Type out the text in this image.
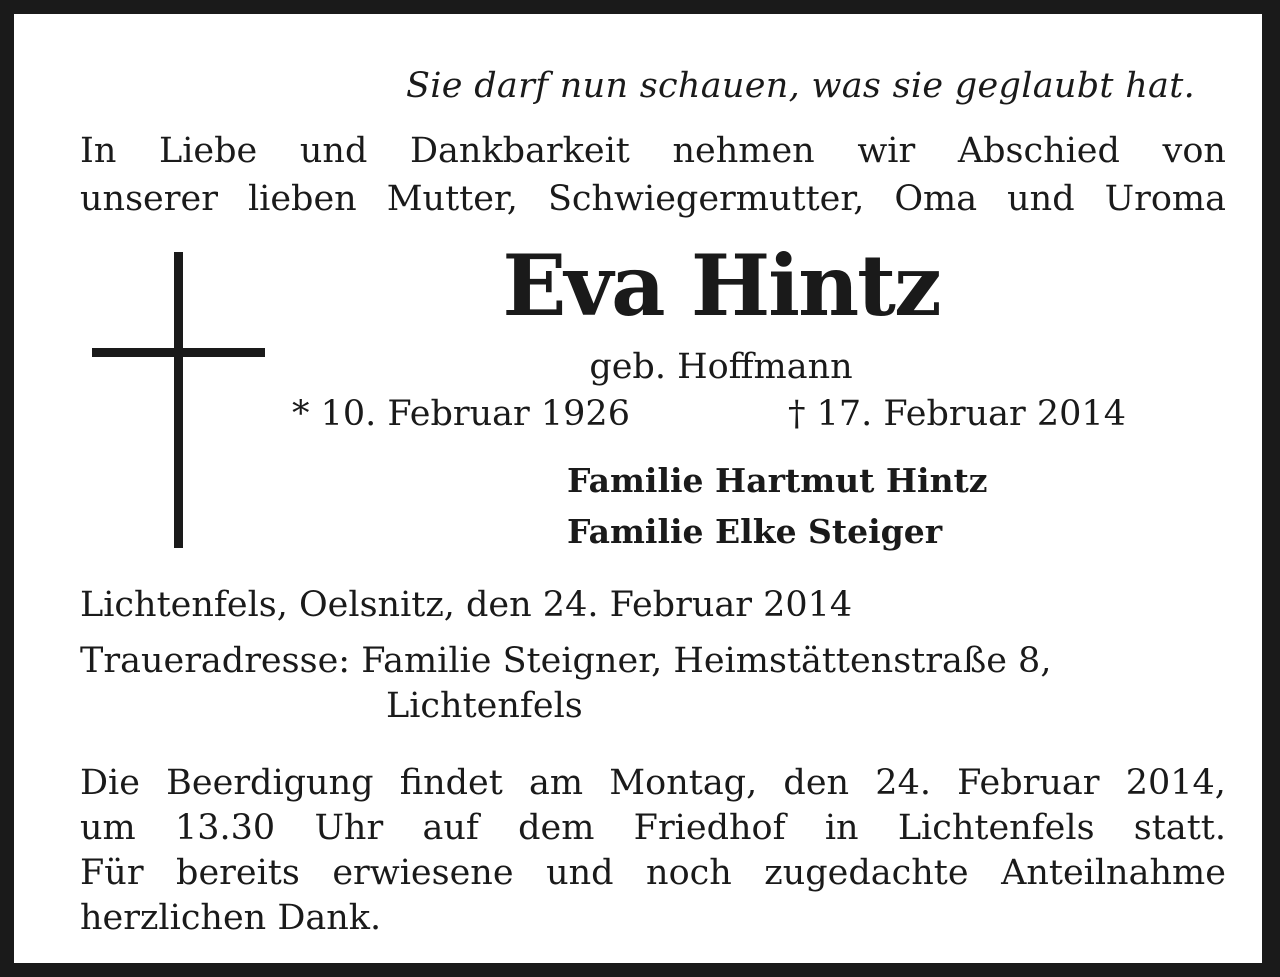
Sie darf nun schauen, was sie geglaubt hat.
In Liebe und Dankbarkeit nehmen wir Abschied von
unserer lieben Mutter, Schwiegermutter, Oma und Uroma
Eva Hintz
geb. Hoffmann
* 10. Februar 1926	† 17. Februar 2014
Familie Hartmut Hintz
Familie Elke Steiger
Lichtenfels, Oelsnitz, den 24. Februar 2014
Traueradresse: Familie Steigner, Heimstättenstraße 8,
Lichtenfels
Die Beerdigung findet am Montag, den 24. Februar 2014,
um 13.30 Uhr auf dem Friedhof in Lichtenfels statt.
Für bereits erwiesene und noch zugedachte Anteilnahme
herzlichen Dank.
